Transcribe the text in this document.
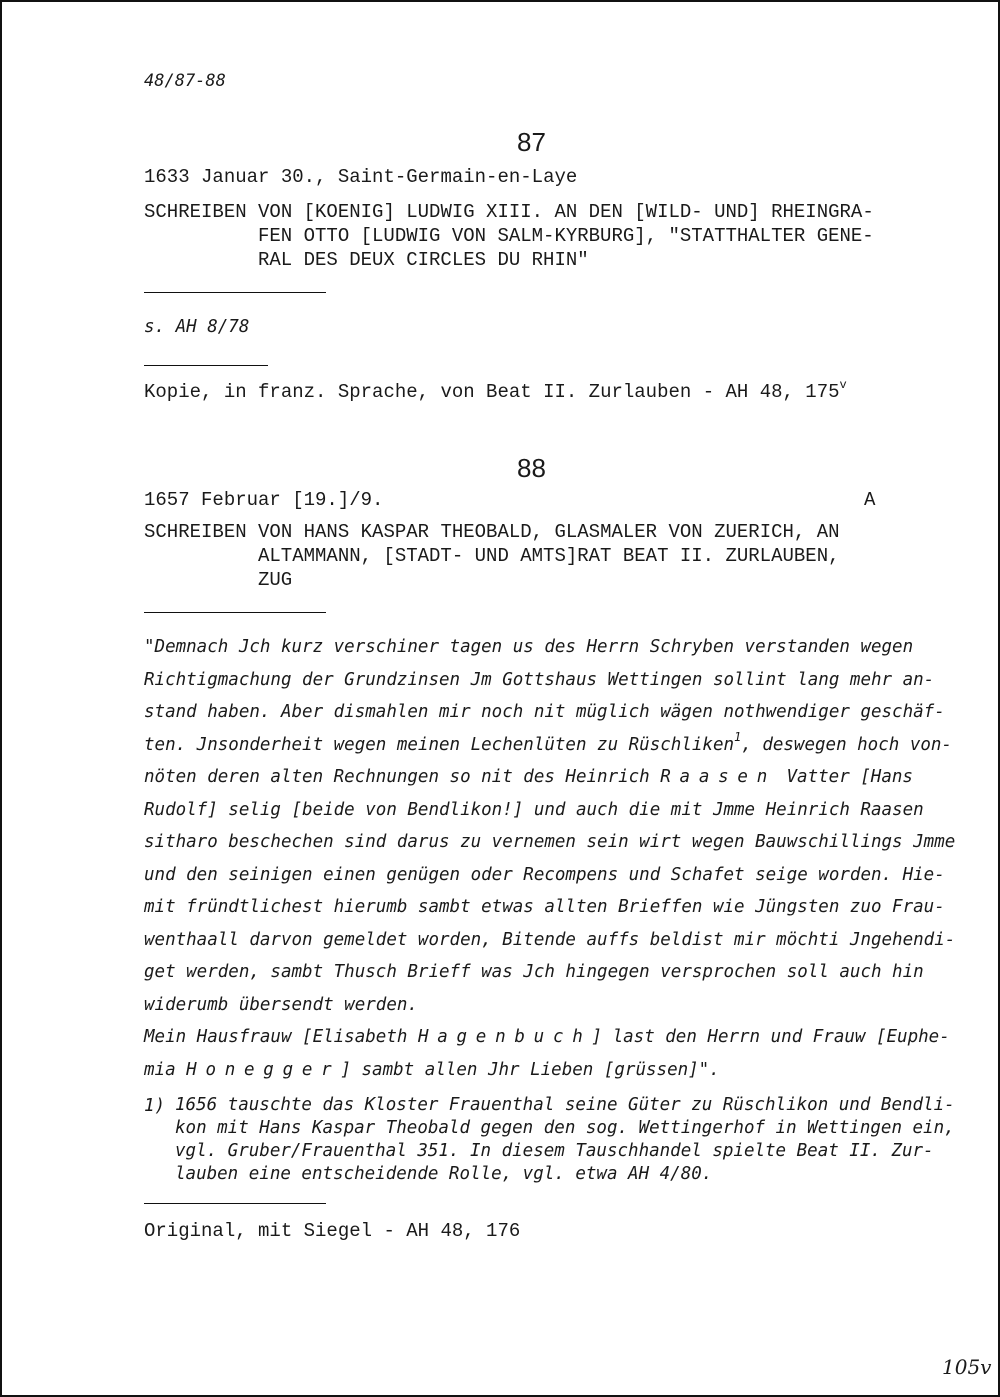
48/87-88
87
1633 Januar 30., Saint-Germain-en-Laye
SCHREIBEN VON [KOENIG] LUDWIG XIII. AN DEN [WILD- UND] RHEINGRA-
FEN OTTO [LUDWIG VON SALM-KYRBURG], "STATTHALTER GENE-
RAL DES DEUX CIRCLES DU RHIN"
s. AH 8/78
Kopie, in franz. Sprache, von Beat II. Zurlauben - AH 48, 175$^v$
88
1657 Februar [19.]/9.	A
SCHREIBEN VON HANS KASPAR THEOBALD, GLASMALER VON ZUERICH, AN
ALTAMMANN, [STADT- UND AMTS]RAT BEAT II. ZURLAUBEN,
ZUG
"Demnach Jch kurz verschiner tagen us des Herrn Schryben verstanden wegen
Richtigmachung der Grundzinsen Jm Gottshaus Wettingen sollint lang mehr an-
stand haben. Aber dismahlen mir noch nit müglich wägen nothwendiger geschäf-
ten. Jnsonderheit wegen meinen Lechenlüten zu Rüschliken$^1$, deswegen hoch von-
nöten deren alten Rechnungen so nit des Heinrich Raasen Vatter [Hans
Rudolf] selig [beide von Bendlikon!] und auch die mit Jmme Heinrich Raasen
sitharo beschechen sind darus zu vernemen sein wirt wegen Bauwschillings Jmme
und den seinigen einen genügen oder Recompens und Schafet seige worden. Hie-
mit fründtlichest hierumb sambt etwas allten Brieffen wie Jüngsten zuo Frau-
wenthaall darvon gemeldet worden, Bitende auffs beldist mir möchti Jngehendi-
get werden, sambt Thusch Brieff was Jch hingegen versprochen soll auch hin
widerumb übersendt werden.
Mein Hausfrauw [Elisabeth Hagenbuch] last den Herrn und Frauw [Euphe-
mia Honegger] sambt allen Jhr Lieben [grüssen]".
1) 1656 tauschte das Kloster Frauenthal seine Güter zu Rüschlikon und Bendli-
kon mit Hans Kaspar Theobald gegen den sog. Wettingerhof in Wettingen ein,
vgl. Gruber/Frauenthal 351. In diesem Tauschhandel spielte Beat II. Zur-
lauben eine entscheidende Rolle, vgl. etwa AH 4/80.
Original, mit Siegel - AH 48, 176
105v
